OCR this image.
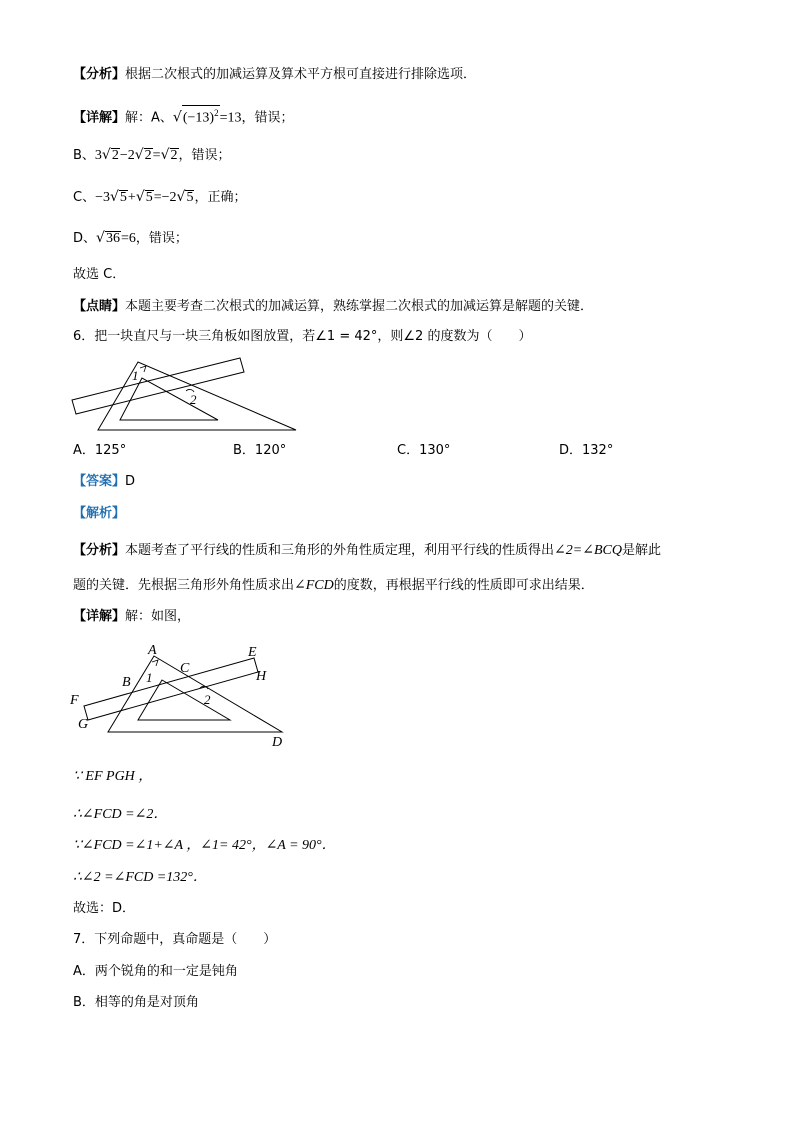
【分析】根据二次根式的加减运算及算术平方根可直接进行排除选项．
【详解】解：A、$√(-13)^2=13$，错误；
B、3√2−2√2=√2，错误；
C、−3√5+√5=−2√5，正确；
D、√36=6，错误；
故选 C．
【点睛】本题主要考查二次根式的加减运算，熟练掌握二次根式的加减运算是解题的关键．
6．把一块直尺与一块三角板如图放置，若∠1 = 42°，则∠2 的度数为（　　）
1
2
A．125°	B．120°	C．130°	D．132°
【答案】D
【解析】
【分析】本题考查了平行线的性质和三角形的外角性质定理，利用平行线的性质得出∠2=∠BCQ是解此
题的关键．先根据三角形外角性质求出∠FCD的度数，再根据平行线的性质即可求出结果．
【详解】解：如图，
A
B
C
D
E
F
G
H
1
2
∵ EF PGH ，
∴∠FCD =∠2．
∵∠FCD =∠1+∠A ，∠1= 42°，∠A = 90°．
∴∠2 =∠FCD =132°．
故选：D．
7．下列命题中，真命题是（　　）
A．两个锐角的和一定是钝角
B．相等的角是对顶角
